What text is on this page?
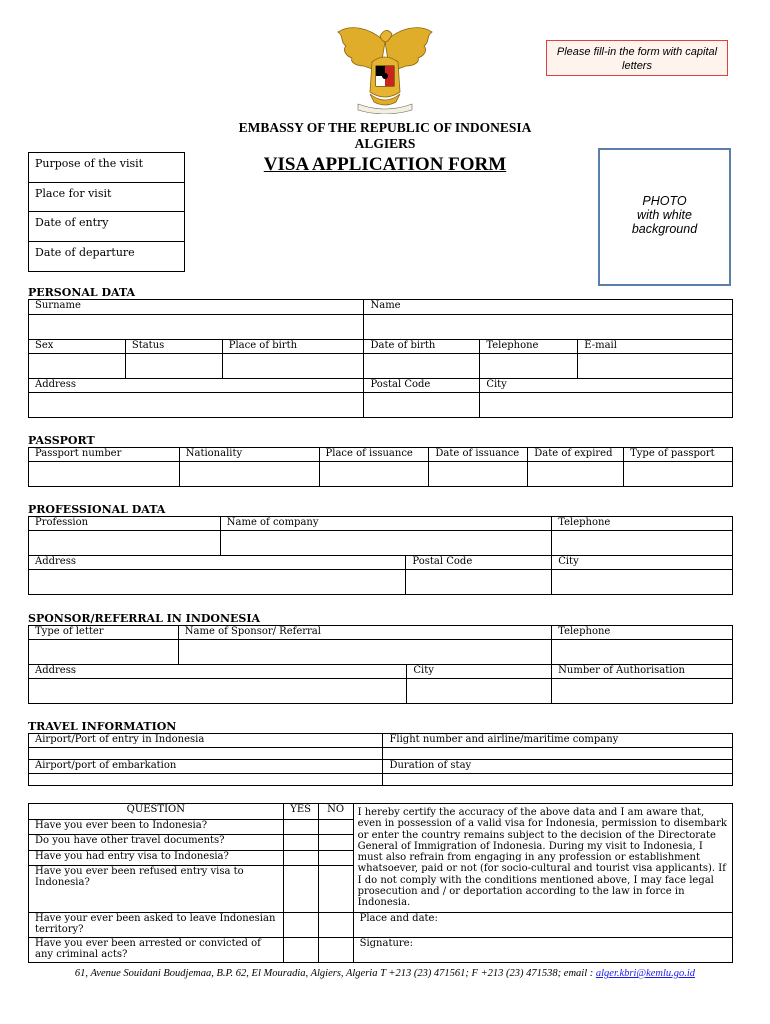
Please fill-in the form with capital letters
EMBASSY OF THE REPUBLIC OF INDONESIA
ALGIERS
VISA APPLICATION FORM
Purpose of the visit
Place for visit
Date of entry
Date of departure
PHOTO
with white
background
PERSONAL DATA
Surname			Name		

Sex	Status	Place of birth	Date of birth	Telephone	E-mail

Address			Postal Code	City	

PASSPORT
Passport number	Nationality	Place of issuance	Date of issuance	Date of expired	Type of passport

PROFESSIONAL DATA
Profession	Name of company		Telephone

Address		Postal Code	City

SPONSOR/REFERRAL IN INDONESIA
Type of letter	Name of Sponsor/ Referral		Telephone

Address		City	Number of Authorisation

TRAVEL INFORMATION
Airport/Port of entry in Indonesia	Flight number and airline/maritime company

Airport/port of embarkation	Duration of stay

QUESTION	YES	NO	I hereby certify the accuracy of the above data and I am aware that, even in possession of a valid visa for Indonesia, permission to disembark or enter the country remains subject to the decision of the Directorate General of Immigration of Indonesia. During my visit to Indonesia, I must also refrain from engaging in any profession or establishment whatsoever, paid or not (for socio-cultural and tourist visa applicants). If I do not comply with the conditions mentioned above, I may face legal prosecution and / or deportation according to the law in force in Indonesia.
Have you ever been to Indonesia?			
Do you have other travel documents?			
Have you had entry visa to Indonesia?			
Have you ever been refused entry visa to Indonesia?			
Have your ever been asked to leave Indonesian territory?			Place and date:
Have you ever been arrested or convicted of any criminal acts?			Signature:
61, Avenue Souidani Boudjemaa, B.P. 62, El Mouradia, Algiers, Algeria T +213 (23) 471561; F +213 (23) 471538; email : alger.kbri@kemlu.go.id
